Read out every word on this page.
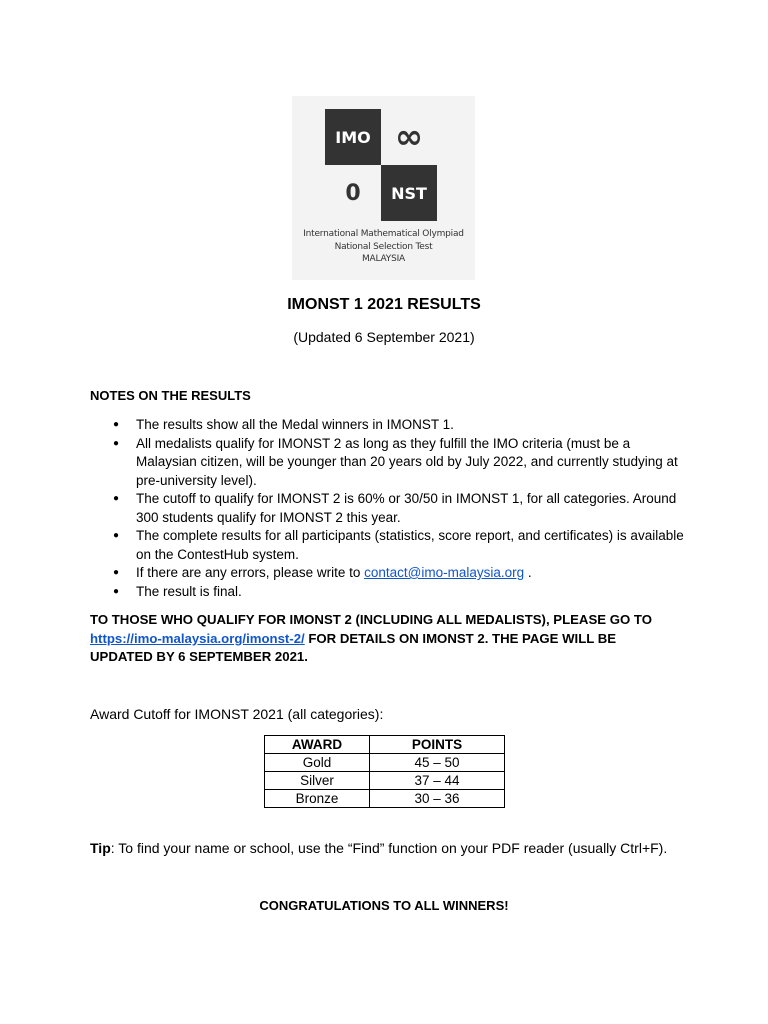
IMO ∞
0	NST
International Mathematical Olympiad
National Selection Test
MALAYSIA
IMONST 1 2021 RESULTS
(Updated 6 September 2021)
NOTES ON THE RESULTS
● The results show all the Medal winners in IMONST 1.
● All medalists qualify for IMONST 2 as long as they fulfill the IMO criteria (must be a Malaysian citizen, will be younger than 20 years old by July 2022, and currently studying at pre-university level).
● The cutoff to qualify for IMONST 2 is 60% or 30/50 in IMONST 1, for all categories. Around 300 students qualify for IMONST 2 this year.
● The complete results for all participants (statistics, score report, and certificates) is available on the ContestHub system.
● If there are any errors, please write to contact@imo-malaysia.org .
● The result is final.
TO THOSE WHO QUALIFY FOR IMONST 2 (INCLUDING ALL MEDALISTS), PLEASE GO TO https://imo-malaysia.org/imonst-2/ FOR DETAILS ON IMONST 2. THE PAGE WILL BE UPDATED BY 6 SEPTEMBER 2021.
Award Cutoff for IMONST 2021 (all categories):
AWARD	POINTS
Gold	45 – 50
Silver	37 – 44
Bronze	30 – 36
Tip: To find your name or school, use the “Find” function on your PDF reader (usually Ctrl+F).
CONGRATULATIONS TO ALL WINNERS!
